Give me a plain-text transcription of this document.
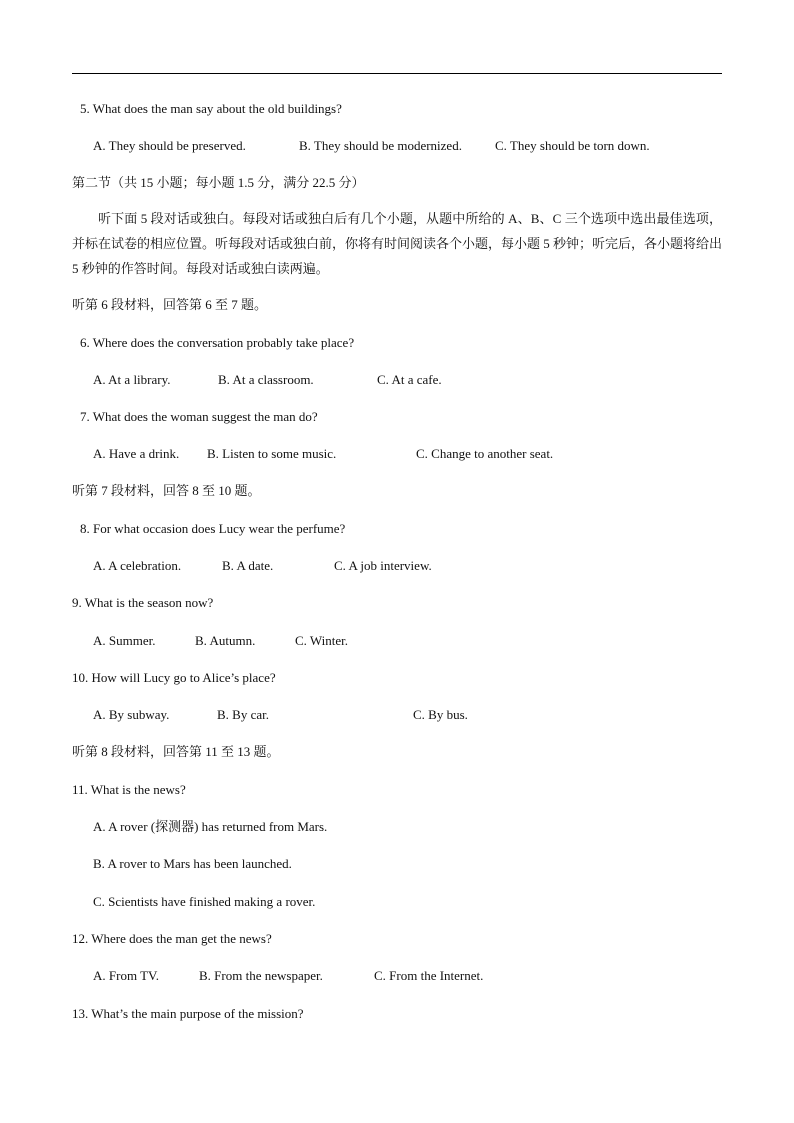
5. What does the man say about the old buildings?
A. They should be preserved.	B. They should be modernized.	C. They should be torn down.
第二节（共 15 小题；每小题 1.5 分，满分 22.5 分）
听下面 5 段对话或独白。每段对话或独白后有几个小题，从题中所给的 A、B、C 三个选项中选出最佳选项，并标在试卷的相应位置。听每段对话或独白前，你将有时间阅读各个小题，每小题 5 秒钟；听完后，各小题将给出 5 秒钟的作答时间。每段对话或独白读两遍。
听第 6 段材料，回答第 6 至 7 题。
6. Where does the conversation probably take place?
A. At a library.	B. At a classroom.	C. At a cafe.
7. What does the woman suggest the man do?
A. Have a drink. B. Listen to some music.	C. Change to another seat.
听第 7 段材料，回答 8 至 10 题。
8. For what occasion does Lucy wear the perfume?
A. A celebration.	B. A date.	C. A job interview.
9. What is the season now?
A. Summer.	B. Autumn.	C. Winter.
10. How will Lucy go to Alice’s place?
A. By subway.	B. By car.	C. By bus.
听第 8 段材料，回答第 11 至 13 题。
11. What is the news?
A. A rover (探测器) has returned from Mars.
B. A rover to Mars has been launched.
C. Scientists have finished making a rover.
12. Where does the man get the news?
A. From TV.	B. From the newspaper.	C. From the Internet.
13. What’s the main purpose of the mission?
